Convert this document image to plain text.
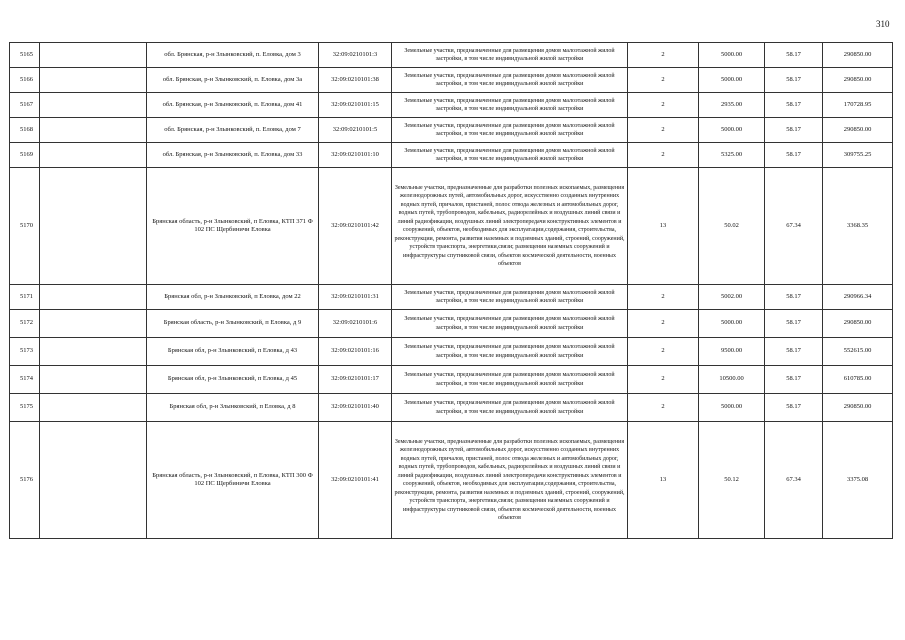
310
5165		обл. Брянская, р-н Злынковский, п. Еловка, дом 3	32:09:0210101:3	Земельные участки, предназначенные для размещения домов малоэтажной жилой застройки, в том числе индивидуальной жилой застройки	2	5000.00	58.17	290850.00
5166		обл. Брянская, р-н Злынковский, п. Еловка, дом 3а	32:09:0210101:38	Земельные участки, предназначенные для размещения домов малоэтажной жилой застройки, в том числе индивидуальной жилой застройки	2	5000.00	58.17	290850.00
5167		обл. Брянская, р-н Злынковский, п. Еловка, дом 41	32:09:0210101:15	Земельные участки, предназначенные для размещения домов малоэтажной жилой застройки, в том числе индивидуальной жилой застройки	2	2935.00	58.17	170728.95
5168		обл. Брянская, р-н Злынковский, п. Еловка, дом 7	32:09:0210101:5	Земельные участки, предназначенные для размещения домов малоэтажной жилой застройки, в том числе индивидуальной жилой застройки	2	5000.00	58.17	290850.00
5169		обл. Брянская, р-н Злынковский, п. Еловка, дом 33	32:09:0210101:10	Земельные участки, предназначенные для размещения домов малоэтажной жилой застройки, в том числе индивидуальной жилой застройки	2	5325.00	58.17	309755.25
5170		Брянская область, р-н Злынковский, п Еловка, КТП 371 Ф 102 ПС Щербиничи Еловка	32:09:0210101:42	Земельные участки, предназначенные для разработки полезных ископаемых, размещения железнодорожных путей, автомобильных дорог, искусственно созданных внутренних водных путей, причалов, пристаней, полос отвода железных и автомобильных дорог, водных путей, трубопроводов, кабельных, радиорелейных и воздушных линий связи и линий радиофикации, воздушных линий электропередачи конструктивных элементов и сооружений, объектов, необходимых для эксплуатации,содержания, строительства, реконструкции, ремонта, развития наземных и подземных зданий, строений, сооружений, устройств транспорта, энергетики,связи; размещения наземных сооружений и инфраструктуры спутниковой связи, объектов космической деятельности, военных объектов	13	50.02	67.34	3368.35
5171		Брянская обл, р-н Злынковский, п Еловка, дом 22	32:09:0210101:31	Земельные участки, предназначенные для размещения домов малоэтажной жилой застройки, в том числе индивидуальной жилой застройки	2	5002.00	58.17	290966.34
5172		Брянская область, р-н Злынковский, п Еловка, д 9	32:09:0210101:6	Земельные участки, предназначенные для размещения домов малоэтажной жилой застройки, в том числе индивидуальной жилой застройки	2	5000.00	58.17	290850.00
5173		Брянская обл, р-н Злынковский, п Еловка, д 43	32:09:0210101:16	Земельные участки, предназначенные для размещения домов малоэтажной жилой застройки, в том числе индивидуальной жилой застройки	2	9500.00	58.17	552615.00
5174		Брянская обл, р-н Злынковский, п Еловка, д 45	32:09:0210101:17	Земельные участки, предназначенные для размещения домов малоэтажной жилой застройки, в том числе индивидуальной жилой застройки	2	10500.00	58.17	610785.00
5175		Брянская обл, р-н Злынковский, п Еловка, д 8	32:09:0210101:40	Земельные участки, предназначенные для размещения домов малоэтажной жилой застройки, в том числе индивидуальной жилой застройки	2	5000.00	58.17	290850.00
5176		Брянская область, р-н Злынковский, п Еловка, КТП 300 Ф 102 ПС Щербиничи Еловка	32:09:0210101:41	Земельные участки, предназначенные для разработки полезных ископаемых, размещения железнодорожных путей, автомобильных дорог, искусственно созданных внутренних водных путей, причалов, пристаней, полос отвода железных и автомобильных дорог, водных путей, трубопроводов, кабельных, радиорелейных и воздушных линий связи и линий радиофикации, воздушных линий электропередачи конструктивных элементов и сооружений, объектов, необходимых для эксплуатации,содержания, строительства, реконструкции, ремонта, развития наземных и подземных зданий, строений, сооружений, устройств транспорта, энергетики,связи; размещения наземных сооружений и инфраструктуры спутниковой связи, объектов космической деятельности, военных объектов	13	50.12	67.34	3375.08
